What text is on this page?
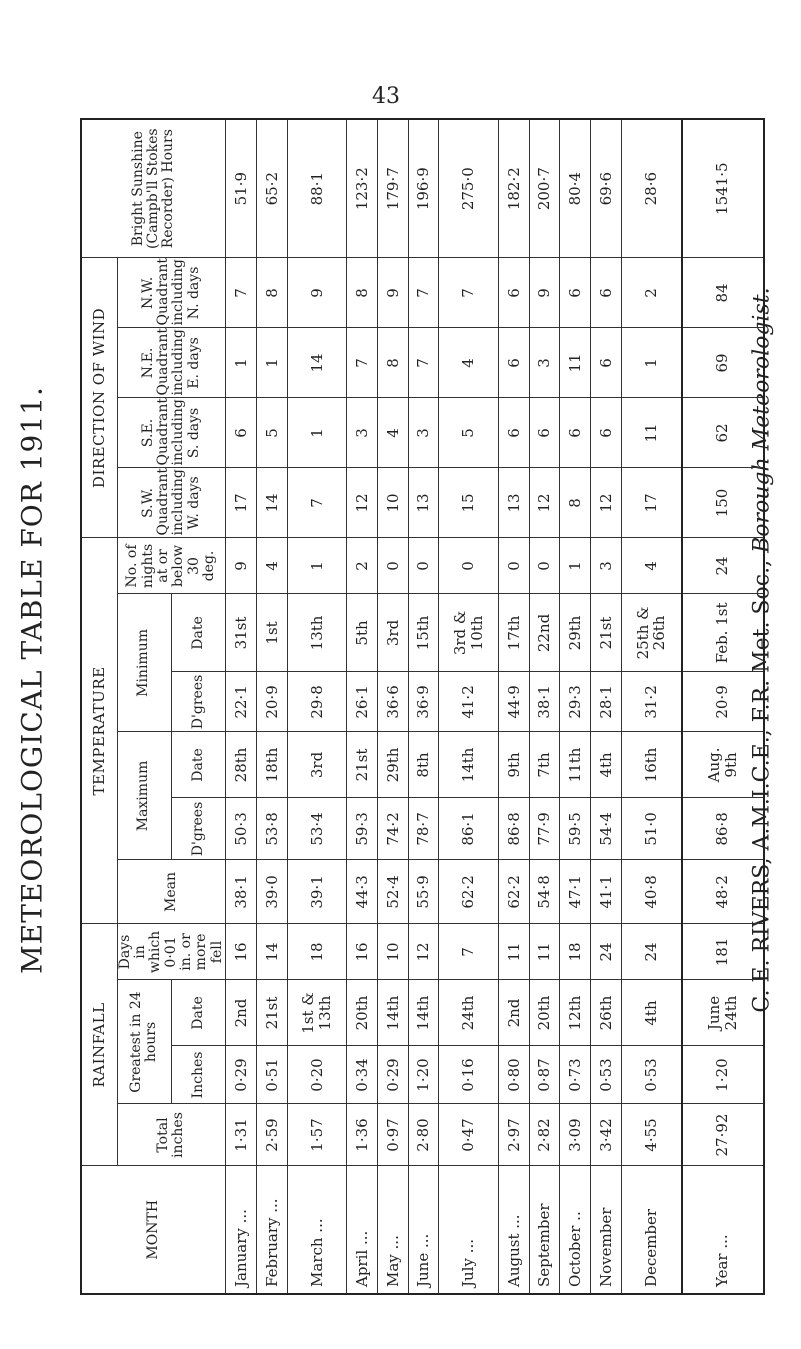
43
METEOROLOGICAL TABLE FOR 1911.	C. E. RIVERS, A.M.I.C.E., F.R. Met. Soc., Borough Meteorologist.
MONTH	RAINFALL				TEMPERATURE						DIRECTION OF WIND				Bright Sunshine (Campb'll Stokes Recorder) Hours
	Total inches	Greatest in 24 hours		Days in which 0·01 in. or more fell	Mean	Maximum		Minimum		No. of nights at or below 30 deg.	S.W. Quadrant including W. days	S.E. Quadrant including S. days	N.E. Quadrant including E. days	N.W. Quadrant including N. days	
		Inches	Date			D'grees	Date	D'grees	Date						
January ...	1·31	0·29	2nd	16	38·1	50·3	28th	22·1	31st	9	17	6	1	7	51·9
February ...	2·59	0·51	21st	14	39·0	53·8	18th	20·9	1st	4	14	5	1	8	65·2
March ...	1·57	0·20	1st & 13th	18	39·1	53·4	3rd	29·8	13th	1	7	1	14	9	88·1
April ...	1·36	0·34	20th	16	44·3	59·3	21st	26·1	5th	2	12	3	7	8	123·2
May ...	0·97	0·29	14th	10	52·4	74·2	29th	36·6	3rd	0	10	4	8	9	179·7
June ...	2·80	1·20	14th	12	55·9	78·7	8th	36·9	15th	0	13	3	7	7	196·9
July ...	0·47	0·16	24th	7	62·2	86·1	14th	41·2	3rd & 10th	0	15	5	4	7	275·0
August ...	2·97	0·80	2nd	11	62·2	86·8	9th	44·9	17th	0	13	6	6	6	182·2
September	2·82	0·87	20th	11	54·8	77·9	7th	38·1	22nd	0	12	6	3	9	200·7
October ..	3·09	0·73	12th	18	47·1	59·5	11th	29·3	29th	1	8	6	11	6	80·4
November	3·42	0·53	26th	24	41·1	54·4	4th	28·1	21st	3	12	6	6	6	69·6
December	4·55	0·53	4th	24	40·8	51·0	16th	31·2	25th & 26th	4	17	11	1	2	28·6
Year ...	27·92	1·20	June 24th	181	48·2	86·8	Aug. 9th	20·9	Feb. 1st	24	150	62	69	84	1541·5
